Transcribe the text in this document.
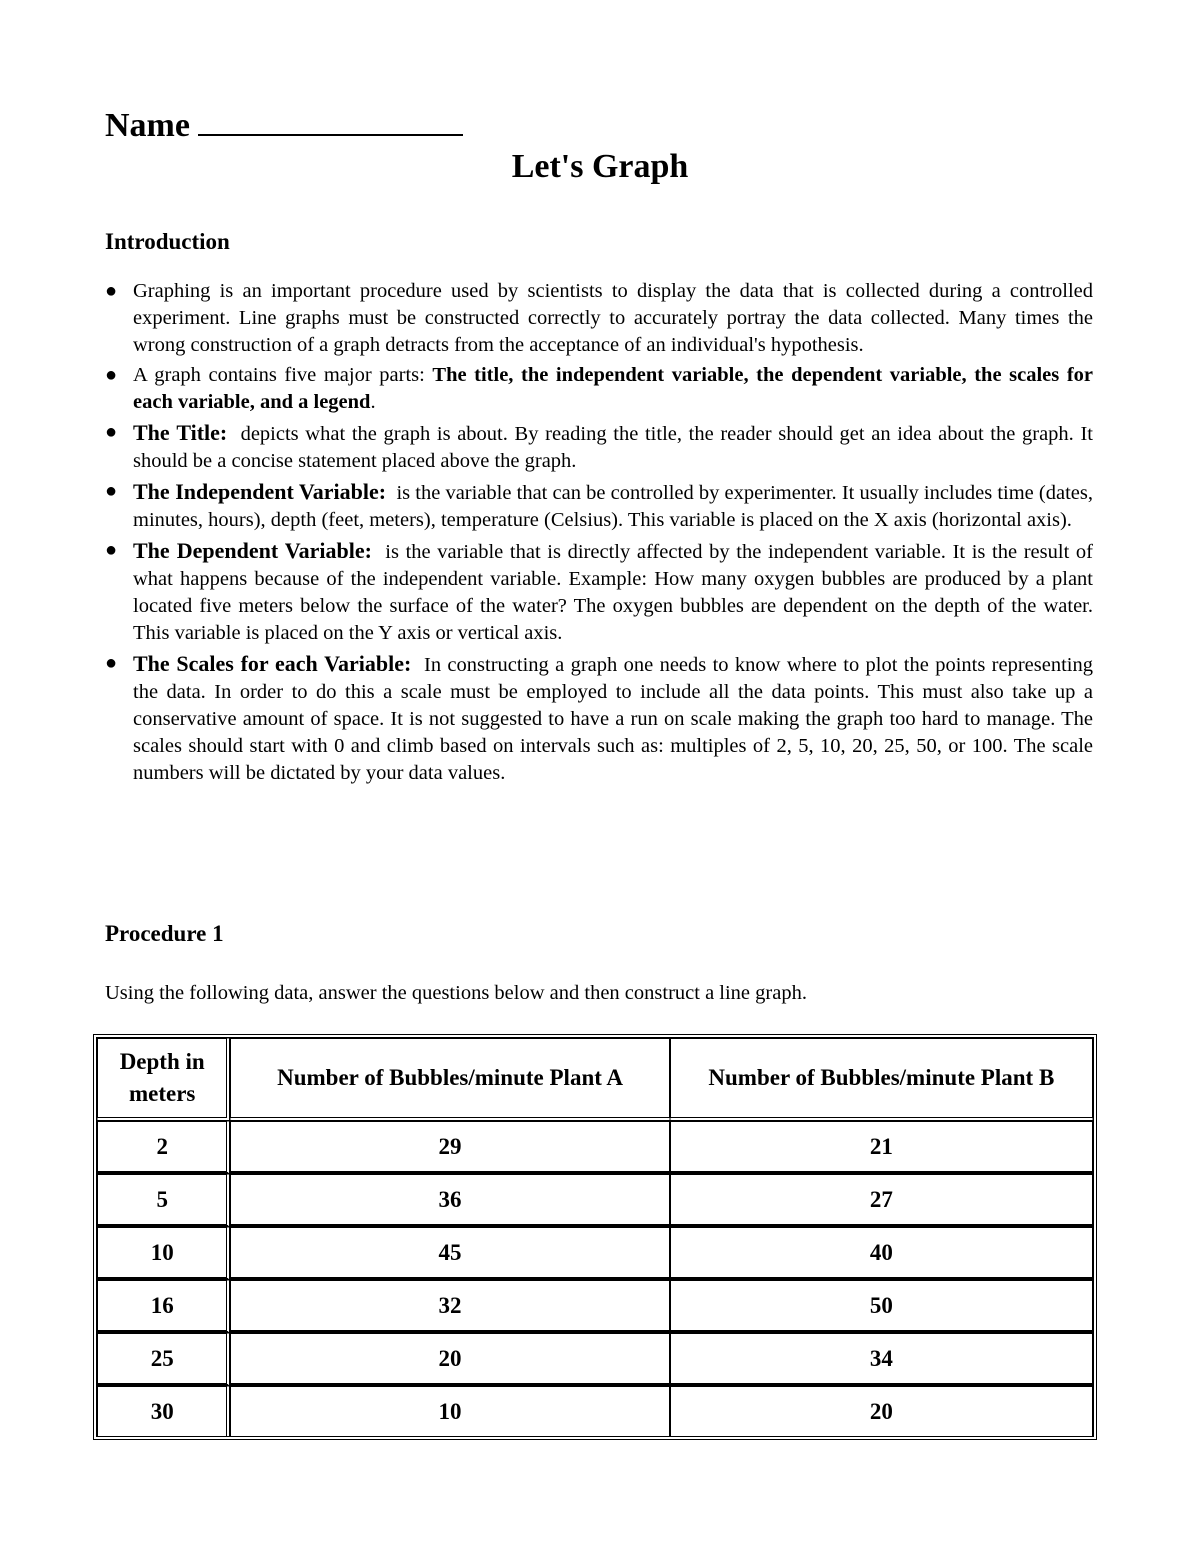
Name
Let's Graph
Introduction
● Graphing is an important procedure used by scientists to display the data that is collected during a controlled experiment. Line graphs must be constructed correctly to accurately portray the data collected. Many times the wrong construction of a graph detracts from the acceptance of an individual's hypothesis.
● A graph contains five major parts: The title, the independent variable, the dependent variable, the scales for each variable, and a legend.
● The Title: depicts what the graph is about. By reading the title, the reader should get an idea about the graph. It should be a concise statement placed above the graph.
● The Independent Variable: is the variable that can be controlled by experimenter. It usually includes time (dates, minutes, hours), depth (feet, meters), temperature (Celsius). This variable is placed on the X axis (horizontal axis).
● The Dependent Variable: is the variable that is directly affected by the independent variable. It is the result of what happens because of the independent variable. Example: How many oxygen bubbles are produced by a plant located five meters below the surface of the water? The oxygen bubbles are dependent on the depth of the water. This variable is placed on the Y axis or vertical axis.
● The Scales for each Variable: In constructing a graph one needs to know where to plot the points representing the data. In order to do this a scale must be employed to include all the data points. This must also take up a conservative amount of space. It is not suggested to have a run on scale making the graph too hard to manage. The scales should start with 0 and climb based on intervals such as: multiples of 2, 5, 10, 20, 25, 50, or 100. The scale numbers will be dictated by your data values.
Procedure 1
Using the following data, answer the questions below and then construct a line graph.
Depth in meters	Number of Bubbles/minute Plant A	Number of Bubbles/minute Plant B
2	29	21
5	36	27
10	45	40
16	32	50
25	20	34
30	10	20
